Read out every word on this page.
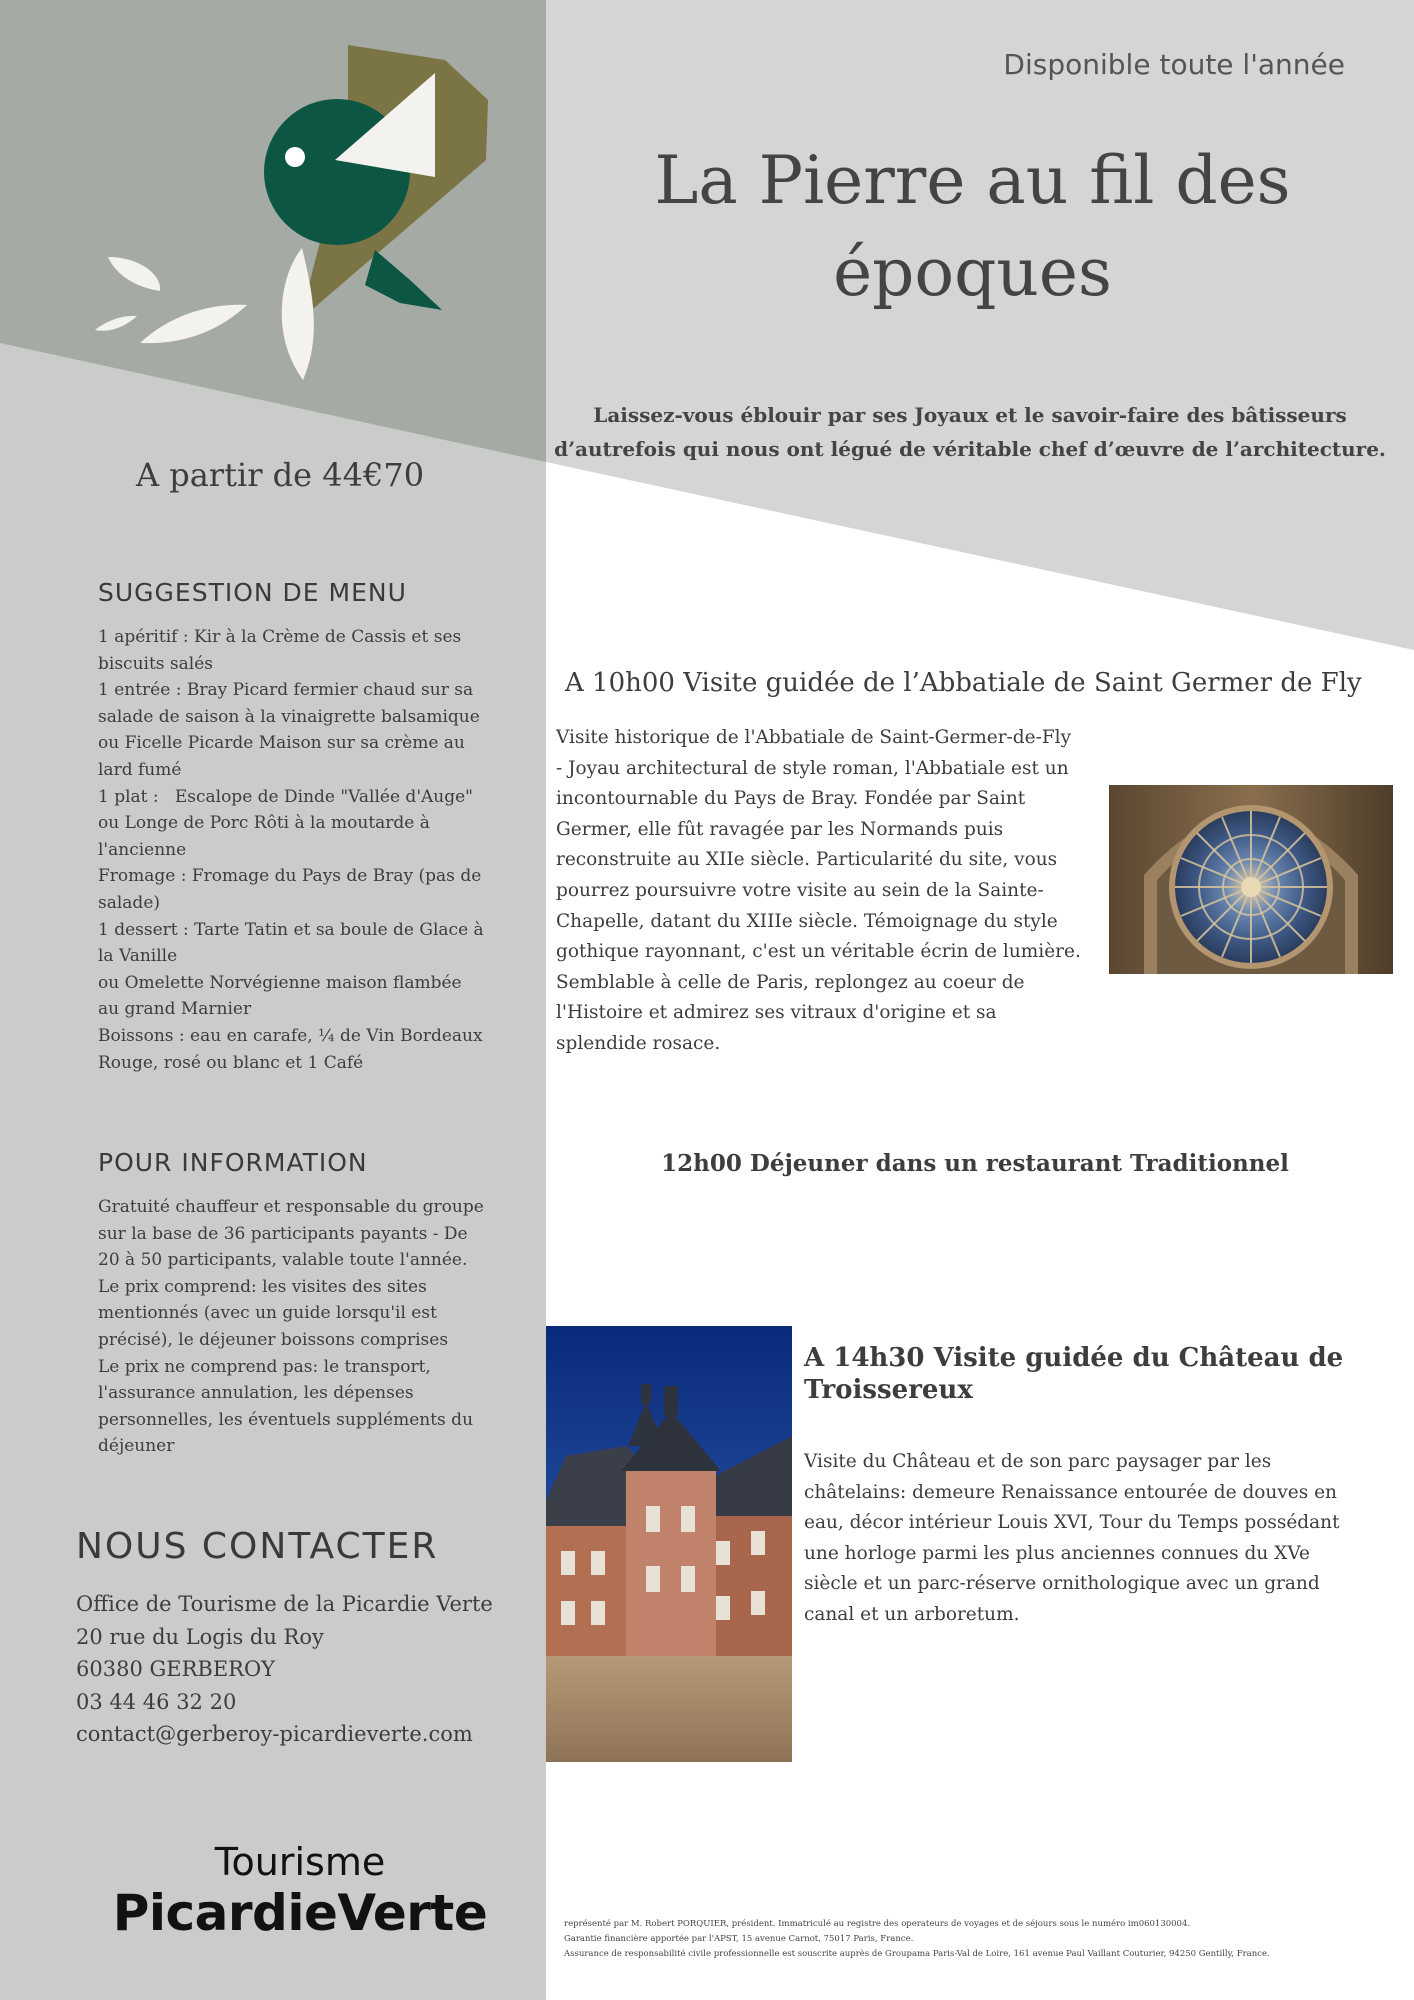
Disponible toute l'année
La Pierre au fil des
époques
Laissez-vous éblouir par ses Joyaux et le savoir-faire des bâtisseurs
d’autrefois qui nous ont légué de véritable chef d’œuvre de l’architecture.
A partir de 44€70
SUGGESTION DE MENU
1 apéritif : Kir à la Crème de Cassis et ses
biscuits salés
1 entrée : Bray Picard fermier chaud sur sa
salade de saison à la vinaigrette balsamique
ou Ficelle Picarde Maison sur sa crème au
lard fumé
1 plat :   Escalope de Dinde "Vallée d'Auge"
ou Longe de Porc Rôti à la moutarde à
l'ancienne
Fromage : Fromage du Pays de Bray (pas de
salade)
1 dessert : Tarte Tatin et sa boule de Glace à
la Vanille
ou Omelette Norvégienne maison flambée
au grand Marnier
Boissons : eau en carafe, ¼ de Vin Bordeaux
Rouge, rosé ou blanc et 1 Café
POUR INFORMATION
Gratuité chauffeur et responsable du groupe
sur la base de 36 participants payants - De
20 à 50 participants, valable toute l'année.
Le prix comprend: les visites des sites
mentionnés (avec un guide lorsqu'il est
précisé), le déjeuner boissons comprises
Le prix ne comprend pas: le transport,
l'assurance annulation, les dépenses
personnelles, les éventuels suppléments du
déjeuner
NOUS CONTACTER
Office de Tourisme de la Picardie Verte
20 rue du Logis du Roy
60380 GERBEROY
03 44 46 32 20
contact@gerberoy-picardieverte.com
Tourisme
PicardieVerte
A 10h00 Visite guidée de l’Abbatiale de Saint Germer de Fly
Visite historique de l'Abbatiale de Saint-Germer-de-Fly
- Joyau architectural de style roman, l'Abbatiale est un
incontournable du Pays de Bray. Fondée par Saint
Germer, elle fût ravagée par les Normands puis
reconstruite au XIIe siècle. Particularité du site, vous
pourrez poursuivre votre visite au sein de la Sainte-
Chapelle, datant du XIIIe siècle. Témoignage du style
gothique rayonnant, c'est un véritable écrin de lumière.
Semblable à celle de Paris, replongez au coeur de
l'Histoire et admirez ses vitraux d'origine et sa
splendide rosace.
12h00 Déjeuner dans un restaurant Traditionnel
A 14h30 Visite guidée du Château de
Troissereux
Visite du Château et de son parc paysager par les
châtelains: demeure Renaissance entourée de douves en
eau, décor intérieur Louis XVI, Tour du Temps possédant
une horloge parmi les plus anciennes connues du XVe
siècle et un parc-réserve ornithologique avec un grand
canal et un arboretum.
représenté par M. Robert PORQUIER, président. Immatriculé au registre des operateurs de voyages et de séjours sous le numéro im060130004.
Garantie financière apportée par l'APST, 15 avenue Carnot, 75017 Paris, France.
Assurance de responsabilité civile professionnelle est souscrite auprès de Groupama Paris-Val de Loire, 161 avenue Paul Vaillant Couturier, 94250 Gentilly, France.
